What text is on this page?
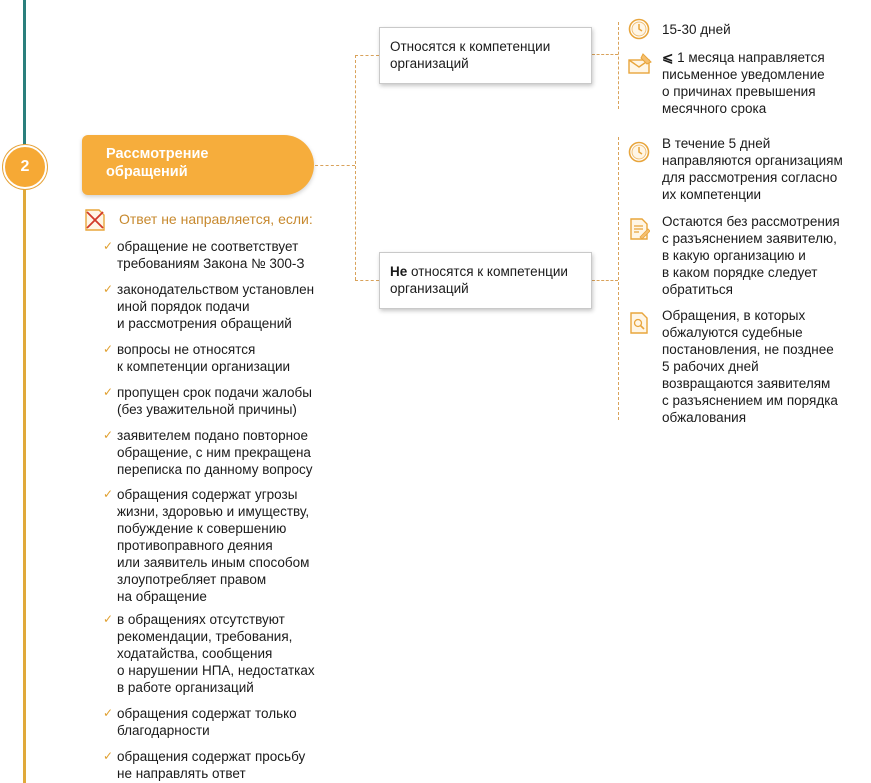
2
Рассмотрение
обращений
Относятся к компетенции
организаций
Не относятся к компетенции
организаций
15-30 дней
⩽ 1 месяца направляется
письменное уведомление
о причинах превышения
месячного срока
В течение 5 дней
направляются организациям
для рассмотрения согласно
их компетенции
Остаются без рассмотрения
с разъяснением заявителю,
в какую организацию и
в каком порядке следует
обратиться
Обращения, в которых
обжалуются судебные
постановления, не позднее
5 рабочих дней
возвращаются заявителям
с разъяснением им порядка
обжалования
Ответ не направляется, если:
✓ обращение не соответствует
требованиям Закона № 300-З
✓ законодательством установлен
иной порядок подачи
и рассмотрения обращений
✓ вопросы не относятся
к компетенции организации
✓ пропущен срок подачи жалобы
(без уважительной причины)
✓ заявителем подано повторное
обращение, с ним прекращена
переписка по данному вопросу
✓ обращения содержат угрозы
жизни, здоровью и имуществу,
побуждение к совершению
противоправного деяния
или заявитель иным способом
злоупотребляет правом
на обращение
✓ в обращениях отсутствуют
рекомендации, требования,
ходатайства, сообщения
о нарушении НПА, недостатках
в работе организаций
✓ обращения содержат только
благодарности
✓ обращения содержат просьбу
не направлять ответ
